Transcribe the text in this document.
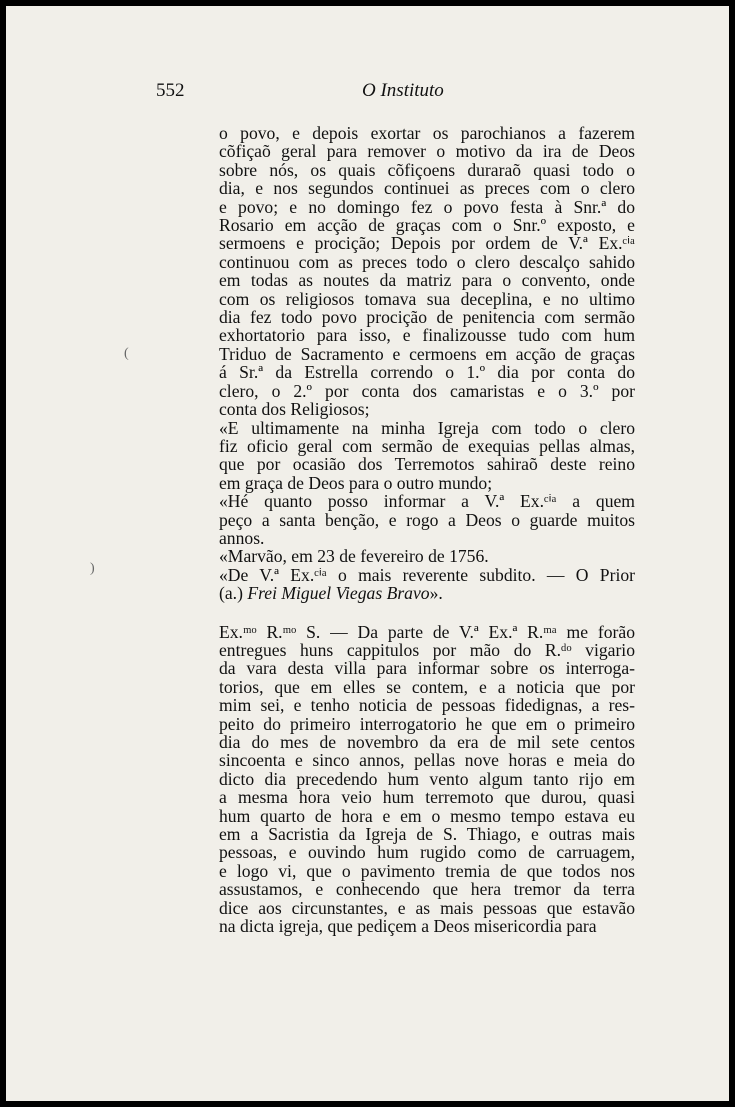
552	O Instituto
o povo, e depois exortar os parochianos a fazerem
cõfiçaõ geral para remover o motivo da ira de Deos
sobre nós, os quais cõfiçoens duraraõ quasi todo o
dia, e nos segundos continuei as preces com o clero
e povo; e no domingo fez o povo festa à Snr.ª do
Rosario em acção de graças com o Snr.º exposto, e
sermoens e procição; Depois por ordem de V.ª Ex.ᶜⁱᵃ
continuou com as preces todo o clero descalço sahido
em todas as noutes da matriz para o convento, onde
com os religiosos tomava sua deceplina, e no ultimo
dia fez todo povo procição de penitencia com sermão
exhortatorio para isso, e finalizousse tudo com hum
Triduo de Sacramento e cermoens em acção de graças
á Sr.ª da Estrella correndo o 1.º dia por conta do
clero, o 2.º por conta dos camaristas e o 3.º por
conta dos Religiosos;
«E ultimamente na minha Igreja com todo o clero
fiz oficio geral com sermão de exequias pellas almas,
que por ocasião dos Terremotos sahiraõ deste reino
em graça de Deos para o outro mundo;
«Hé quanto posso informar a V.ª Ex.ᶜⁱᵃ a quem
peço a santa benção, e rogo a Deos o guarde muitos
annos.
«Marvão, em 23 de fevereiro de 1756.
«De V.ª Ex.ᶜⁱᵃ o mais reverente subdito. — O Prior
(a.) Frei Miguel Viegas Bravo».
Ex.ᵐᵒ R.ᵐᵒ S. — Da parte de V.ª Ex.ª R.ᵐᵃ me forão
entregues huns cappitulos por mão do R.ᵈᵒ vigario
da vara desta villa para informar sobre os interroga-
torios, que em elles se contem, e a noticia que por
mim sei, e tenho noticia de pessoas fidedignas, a res-
peito do primeiro interrogatorio he que em o primeiro
dia do mes de novembro da era de mil sete centos
sincoenta e sinco annos, pellas nove horas e meia do
dicto dia precedendo hum vento algum tanto rijo em
a mesma hora veio hum terremoto que durou, quasi
hum quarto de hora e em o mesmo tempo estava eu
em a Sacristia da Igreja de S. Thiago, e outras mais
pessoas, e ouvindo hum rugido como de carruagem,
e logo vi, que o pavimento tremia de que todos nos
assustamos, e conhecendo que hera tremor da terra
dice aos circunstantes, e as mais pessoas que estavão
na dicta igreja, que pediçem a Deos misericordia para
(
)
